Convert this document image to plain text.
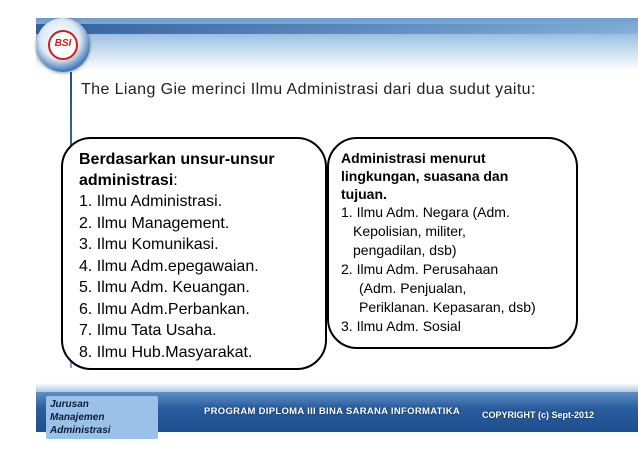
BSI
The Liang Gie merinci Ilmu Administrasi dari dua sudut yaitu:
Berdasarkan unsur-unsur
administrasi:
1. Ilmu Administrasi.
2. Ilmu Management.
3. Ilmu Komunikasi.
4. Ilmu Adm.epegawaian.
5. Ilmu Adm. Keuangan.
6. Ilmu Adm.Perbankan.
7. Ilmu Tata Usaha.
8. Ilmu Hub.Masyarakat.
Administrasi menurut
lingkungan, suasana dan
tujuan.
1. Ilmu Adm. Negara (Adm.
Kepolisian, militer,
pengadilan, dsb)
2. Ilmu Adm. Perusahaan
(Adm. Penjualan,
Periklanan. Kepasaran, dsb)
3. Ilmu Adm. Sosial
Jurusan
Manajemen Administrasi
PROGRAM DIPLOMA III BINA SARANA INFORMATIKA COPYRIGHT (c) Sept-2012
